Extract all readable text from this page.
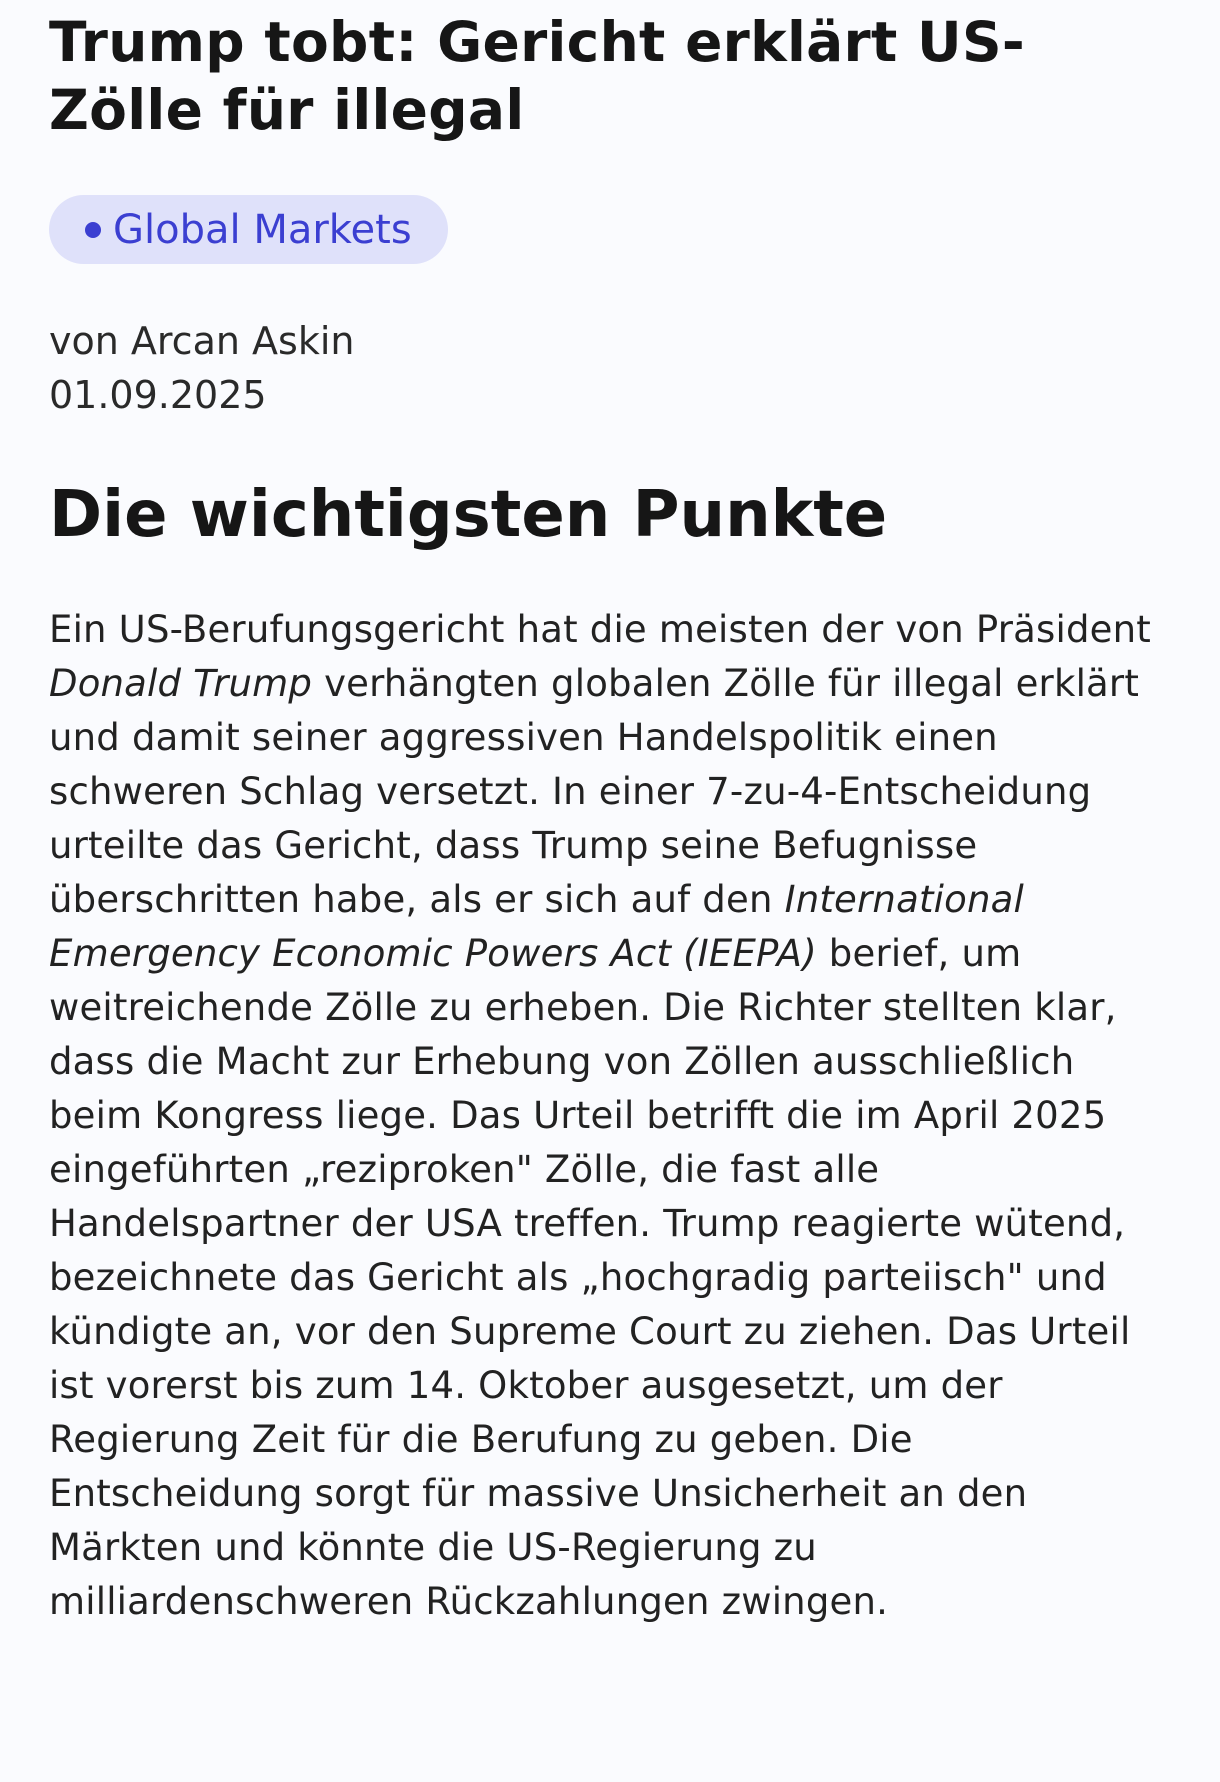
Trump tobt: Gericht erklärt US-Zölle für illegal
Global Markets
von Arcan Askin
01.09.2025
Die wichtigsten Punkte

Ein US-Berufungsgericht hat die meisten der von Präsident Donald Trump verhängten globalen Zölle für illegal erklärt und damit seiner aggressiven Handelspolitik einen schweren Schlag versetzt. In einer 7-zu-4-Entscheidung urteilte das Gericht, dass Trump seine Befugnisse überschritten habe, als er sich auf den International Emergency Economic Powers Act (IEEPA) berief, um weitreichende Zölle zu erheben. Die Richter stellten klar, dass die Macht zur Erhebung von Zöllen ausschließlich beim Kongress liege. Das Urteil betrifft die im April 2025 eingeführten „reziproken" Zölle, die fast alle Handelspartner der USA treffen. Trump reagierte wütend, bezeichnete das Gericht als „hochgradig parteiisch" und kündigte an, vor den Supreme Court zu ziehen. Das Urteil ist vorerst bis zum 14. Oktober ausgesetzt, um der Regierung Zeit für die Berufung zu geben. Die Entscheidung sorgt für massive Unsicherheit an den Märkten und könnte die US-Regierung zu milliardenschweren Rückzahlungen zwingen.
